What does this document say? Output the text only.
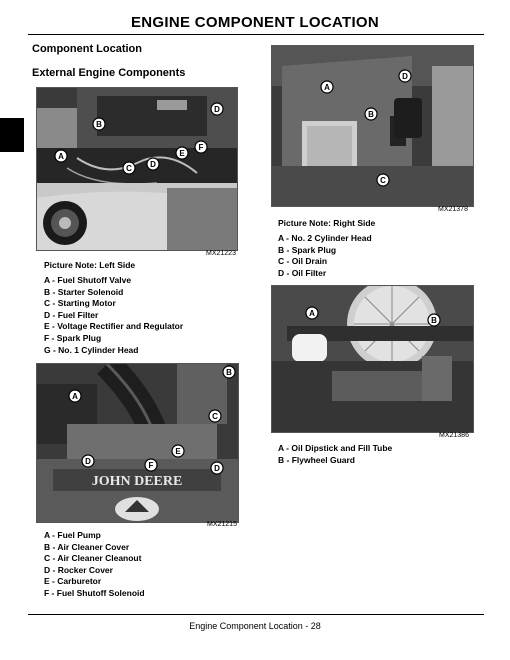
ENGINE COMPONENT LOCATION
Component Location
External Engine Components
A
B
C
D
D
E
F
MX21223
Picture Note: Left Side
A - Fuel Shutoff Valve
B - Starter Solenoid
C - Starting Motor
D - Fuel Filter
E - Voltage Rectifier and Regulator
F - Spark Plug
G - No. 1 Cylinder Head
A
B
C
D
MX21378
Picture Note: Right Side
A - No. 2 Cylinder Head
B - Spark Plug
C - Oil Drain
D - Oil Filter
A
B
MX21386
A - Oil Dipstick and Fill Tube
B - Flywheel Guard
JOHN DEERE
A
B
C
D
E
F	D
MX21215
A - Fuel Pump
B - Air Cleaner Cover
C - Air Cleaner Cleanout
D - Rocker Cover
E - Carburetor
F - Fuel Shutoff Solenoid
Engine Component Location - 28
